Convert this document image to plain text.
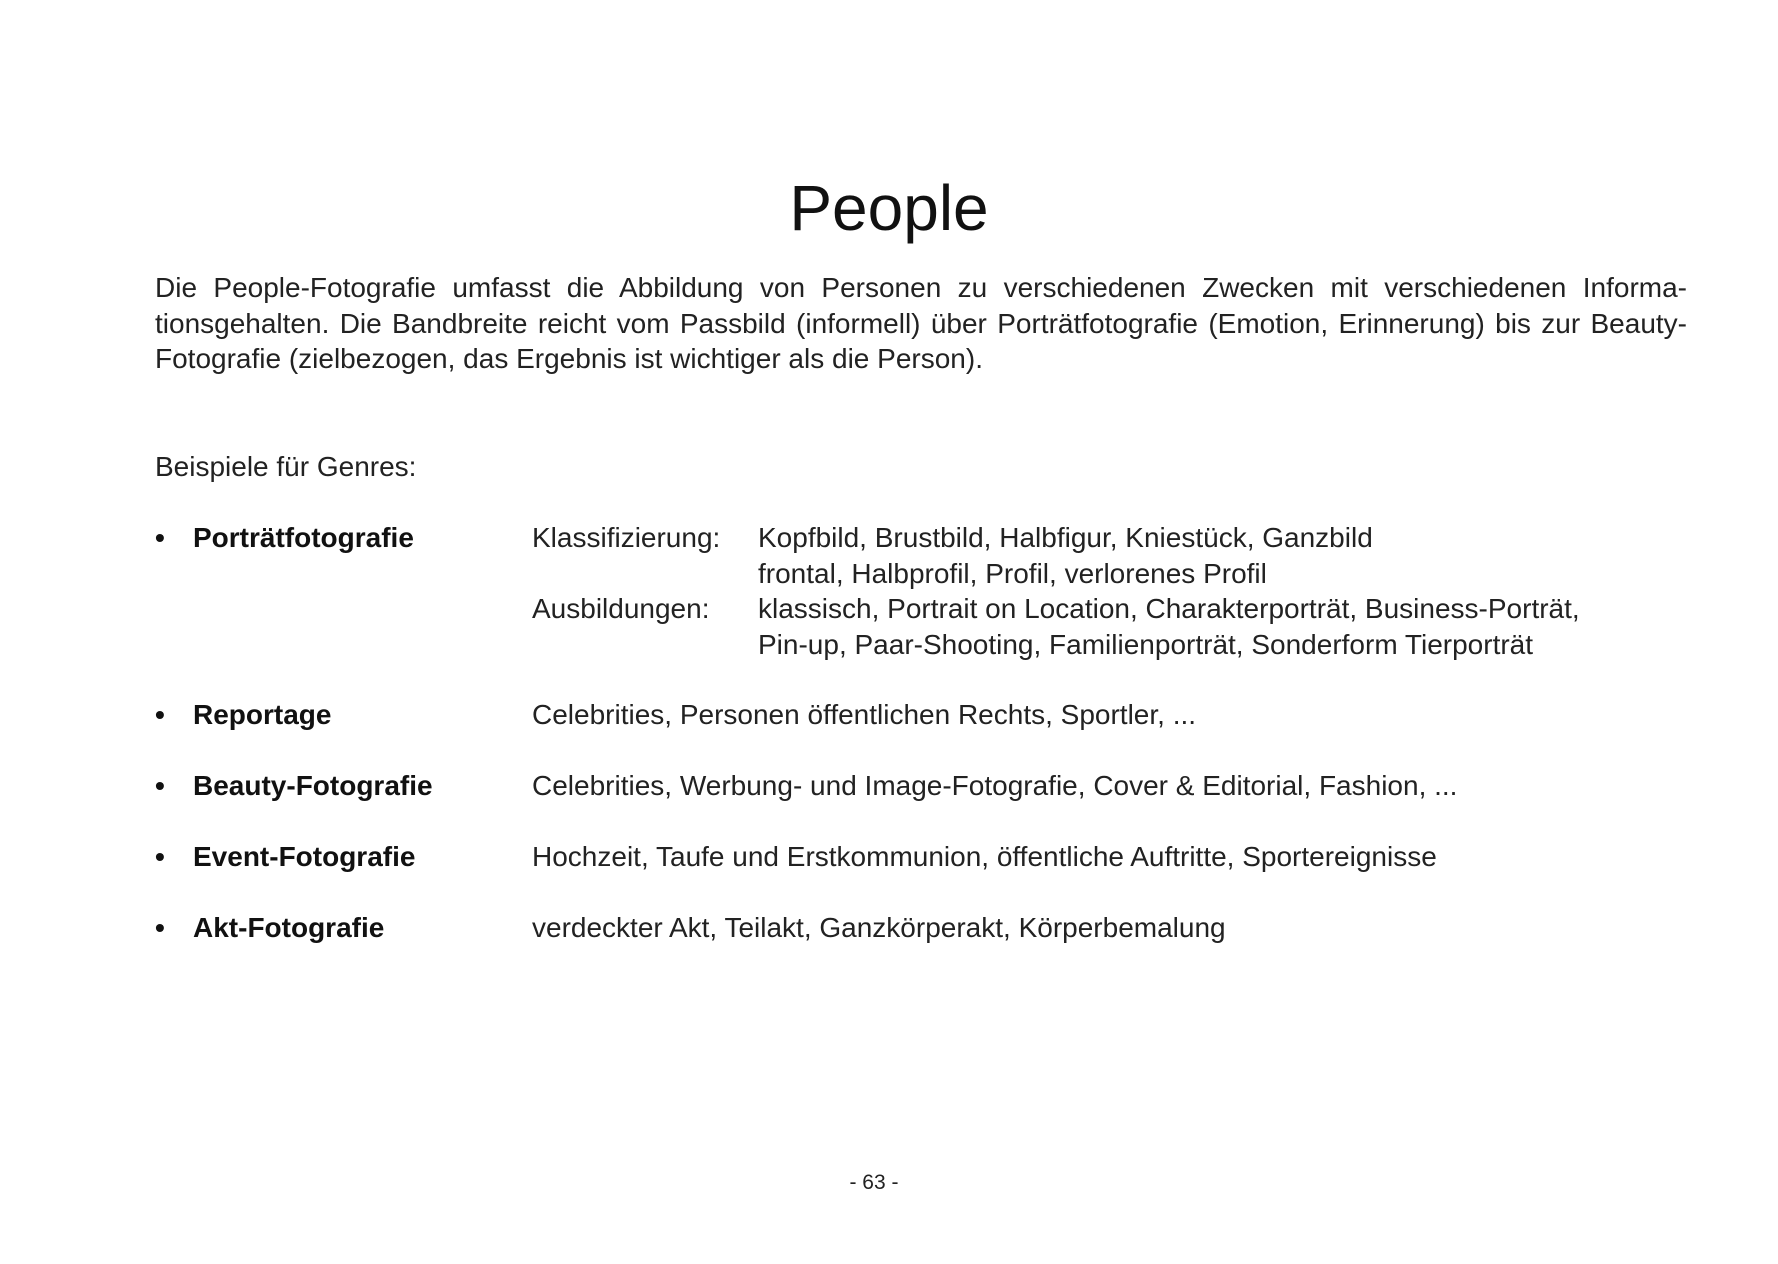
People

Die People-Fotografie umfasst die Abbildung von Personen zu verschiedenen Zwecken mit verschiedenen Informationsgehalten. Die Bandbreite reicht vom Passbild (informell) über Porträtfotografie (Emotion, Erinnerung) bis zur Beauty-Fotografie (zielbezogen, das Ergebnis ist wichtiger als die Person).

Beispiele für Genres:
• Porträtfotografie	Klassifizierung: Kopfbild, Brustbild, Halbfigur, Kniestück, Ganzbild
frontal, Halbprofil, Profil, verlorenes Profil
Ausbildungen: klassisch, Portrait on Location, Charakterporträt, Business-Porträt,
Pin-up, Paar-Shooting, Familienporträt, Sonderform Tierporträt
• Reportage	Celebrities, Personen öffentlichen Rechts, Sportler, ...
• Beauty-Fotografie	Celebrities, Werbung- und Image-Fotografie, Cover & Editorial, Fashion, ...
• Event-Fotografie	Hochzeit, Taufe und Erstkommunion, öffentliche Auftritte, Sportereignisse
• Akt-Fotografie	verdeckter Akt, Teilakt, Ganzkörperakt, Körperbemalung
- 63 -
